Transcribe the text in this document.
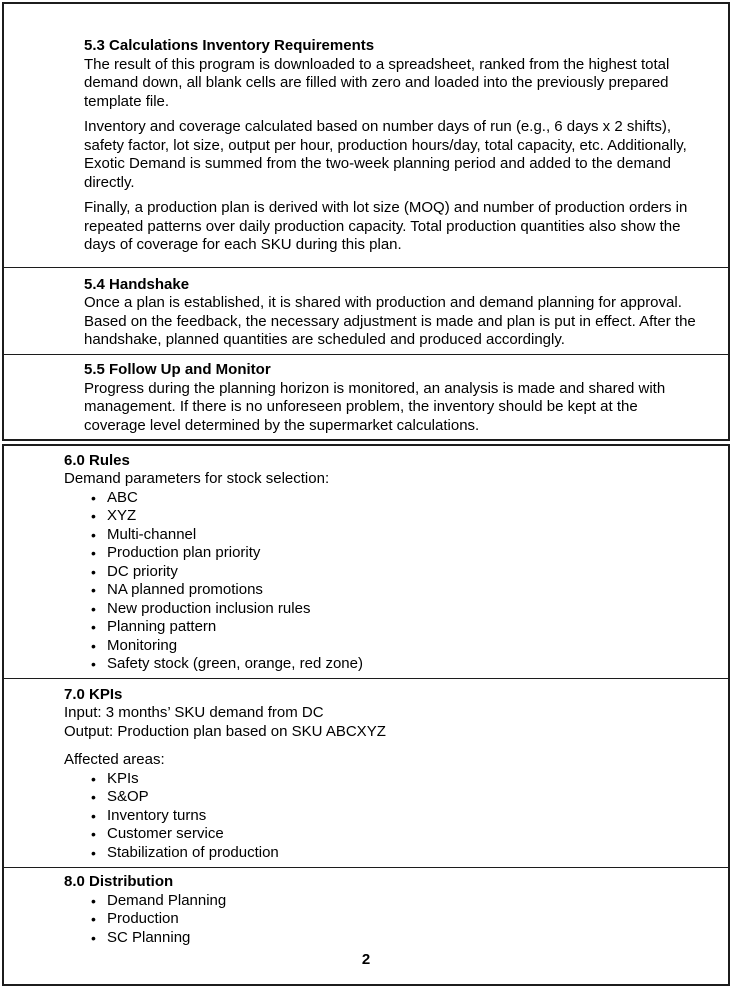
5.3 Calculations Inventory Requirements
The result of this program is downloaded to a spreadsheet, ranked from the highest total demand down, all blank cells are filled with zero and loaded into the previously prepared template file.
Inventory and coverage calculated based on number days of run (e.g., 6 days x 2 shifts), safety factor, lot size, output per hour, production hours/day, total capacity, etc. Additionally, Exotic Demand is summed from the two-week planning period and added to the demand directly.
Finally, a production plan is derived with lot size (MOQ) and number of production orders in repeated patterns over daily production capacity. Total production quantities also show the days of coverage for each SKU during this plan.
5.4 Handshake
Once a plan is established, it is shared with production and demand planning for approval. Based on the feedback, the necessary adjustment is made and plan is put in effect. After the handshake, planned quantities are scheduled and produced accordingly.
5.5 Follow Up and Monitor
Progress during the planning horizon is monitored, an analysis is made and shared with management. If there is no unforeseen problem, the inventory should be kept at the coverage level determined by the supermarket calculations.
6.0 Rules
Demand parameters for stock selection:
• ABC
• XYZ
• Multi-channel
• Production plan priority
• DC priority
• NA planned promotions
• New production inclusion rules
• Planning pattern
• Monitoring
• Safety stock (green, orange, red zone)
7.0 KPIs
Input: 3 months’ SKU demand from DC
Output: Production plan based on SKU ABCXYZ
Affected areas:
• KPIs
• S&OP
• Inventory turns
• Customer service
• Stabilization of production
8.0 Distribution
• Demand Planning
• Production
• SC Planning
2
